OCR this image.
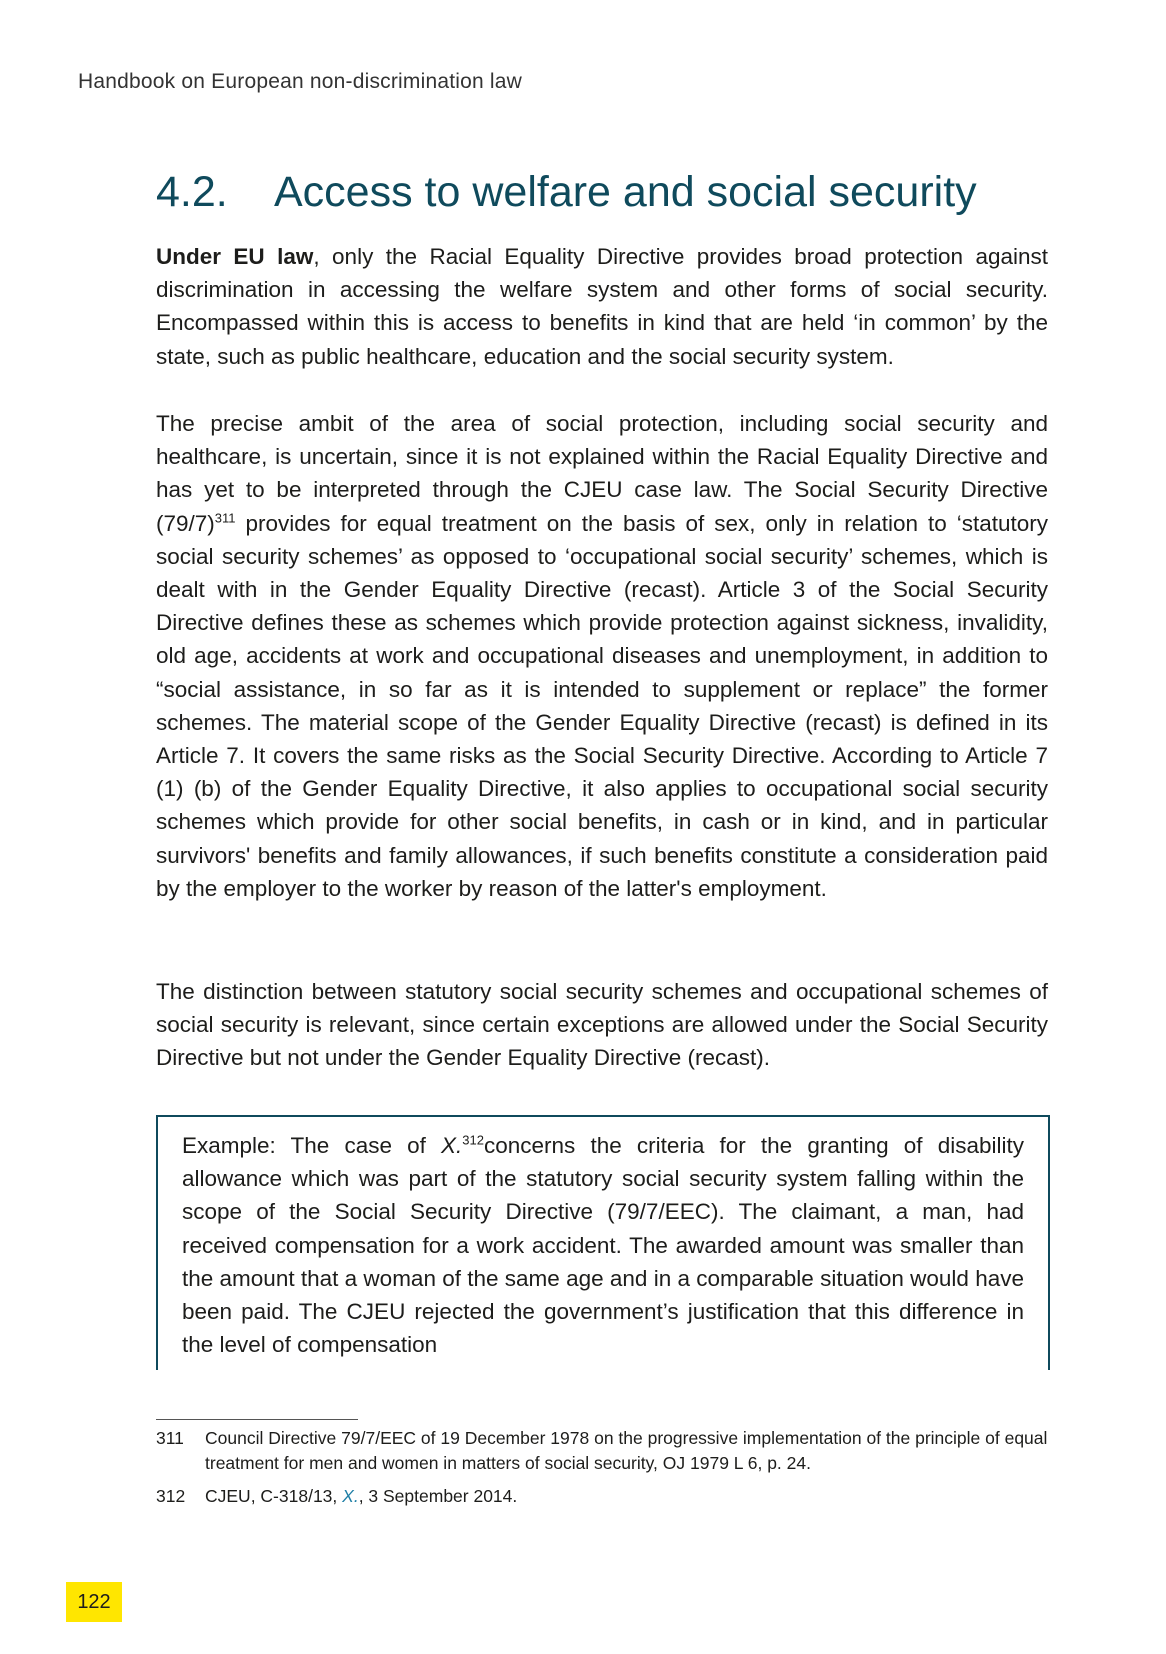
Handbook on European non-discrimination law
4.2. Access to welfare and social security

Under EU law, only the Racial Equality Directive provides broad protection against discrimination in accessing the welfare system and other forms of social security. Encompassed within this is access to benefits in kind that are held ‘in common’ by the state, such as public healthcare, education and the social security system.

The precise ambit of the area of social protection, including social security and healthcare, is uncertain, since it is not explained within the Racial Equality Directive and has yet to be interpreted through the CJEU case law. The Social Security Directive $(79/7)^{311}$ provides for equal treatment on the basis of sex, only in relation to ‘statutory social security schemes’ as opposed to ‘occupational social security’ schemes, which is dealt with in the Gender Equality Directive (recast). Article 3 of the Social Security Directive defines these as schemes which provide protection against sickness, invalidity, old age, accidents at work and occupational diseases and unemployment, in addition to “social assistance, in so far as it is intended to supplement or replace” the former schemes. The material scope of the Gender Equality Directive (recast) is defined in its Article 7. It covers the same risks as the Social Security Directive. According to Article 7 (1) (b) of the Gender Equality Directive, it also applies to occupational social security schemes which provide for other social benefits, in cash or in kind, and in particular survivors' benefits and family allowances, if such benefits constitute a consideration paid by the employer to the worker by reason of the latter's employment.

The distinction between statutory social security schemes and occupational schemes of social security is relevant, since certain exceptions are allowed under the Social Security Directive but not under the Gender Equality Directive (recast).

Example: The case of X.$^{312}$concerns the criteria for the granting of disability allowance which was part of the statutory social security system falling within the scope of the Social Security Directive (79/7/EEC). The claimant, a man, had received compensation for a work accident. The awarded amount was smaller than the amount that a woman of the same age and in a comparable situation would have been paid. The CJEU rejected the government’s justification that this difference in the level of compensation

311	Council Directive 79/7/EEC of 19 December 1978 on the progressive implementation of the principle of equal treatment for men and women in matters of social security, OJ 1979 L 6, p. 24.

312	CJEU, C-318/13, X., 3 September 2014.

122
